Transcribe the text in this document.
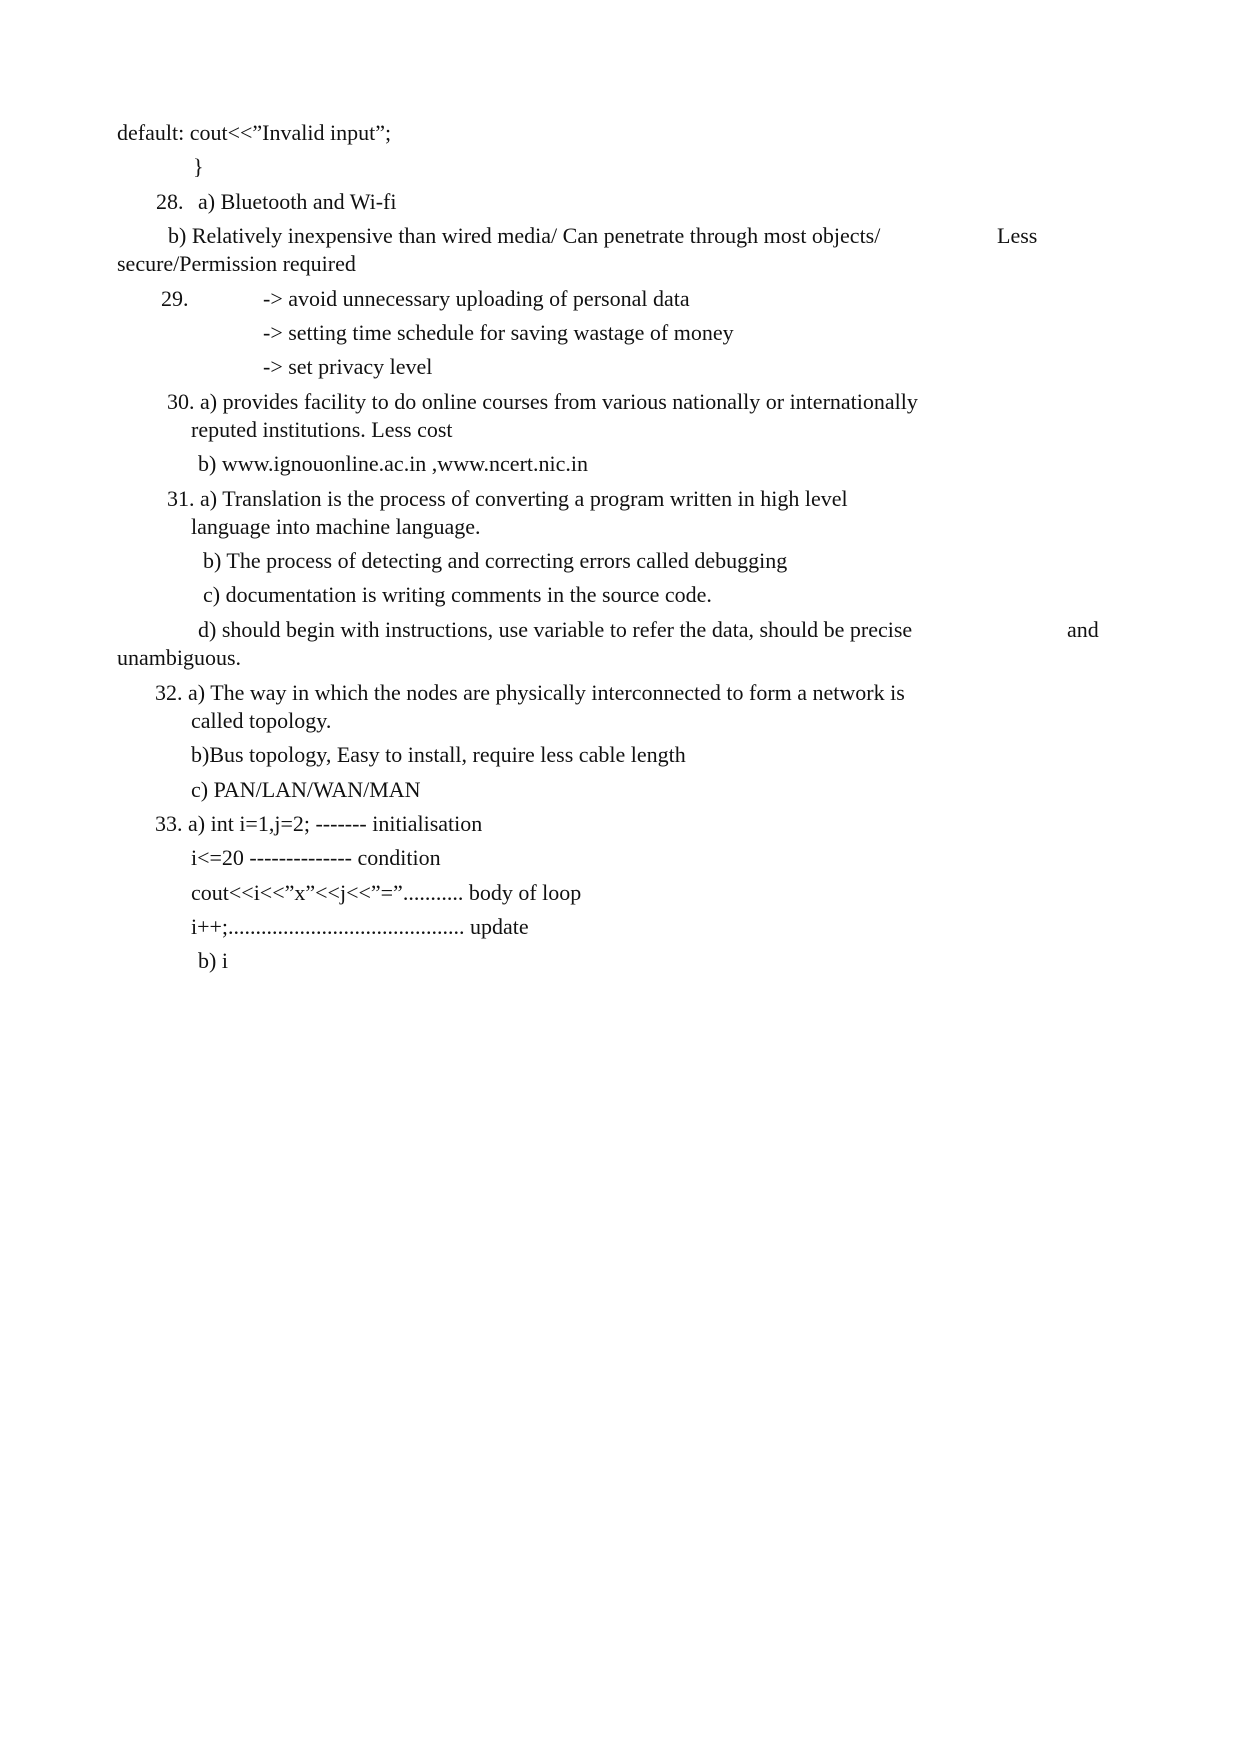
default: cout<<”Invalid input”;
}
28. a) Bluetooth and Wi-fi
b) Relatively inexpensive than wired media/ Can penetrate through most objects/	Less
secure/Permission required
29.	-> avoid unnecessary uploading of personal data
-> setting time schedule for saving wastage of money
-> set privacy level
30. a) provides facility to do online courses from various nationally or internationally
reputed institutions. Less cost
b) www.ignouonline.ac.in ,www.ncert.nic.in
31. a) Translation is the process of converting a program written in high level
language into machine language.
b) The process of detecting and correcting errors called debugging
c) documentation is writing comments in the source code.
d) should begin with instructions, use variable to refer the data, should be precise	and
unambiguous.
32. a) The way in which the nodes are physically interconnected to form a network is
called topology.
b)Bus topology, Easy to install, require less cable length
c) PAN/LAN/WAN/MAN
33. a) int i=1,j=2; ------- initialisation
i<=20 -------------- condition
cout<<i<<”x”<<j<<”=”........... body of loop
i++;........................................... update
b) i
